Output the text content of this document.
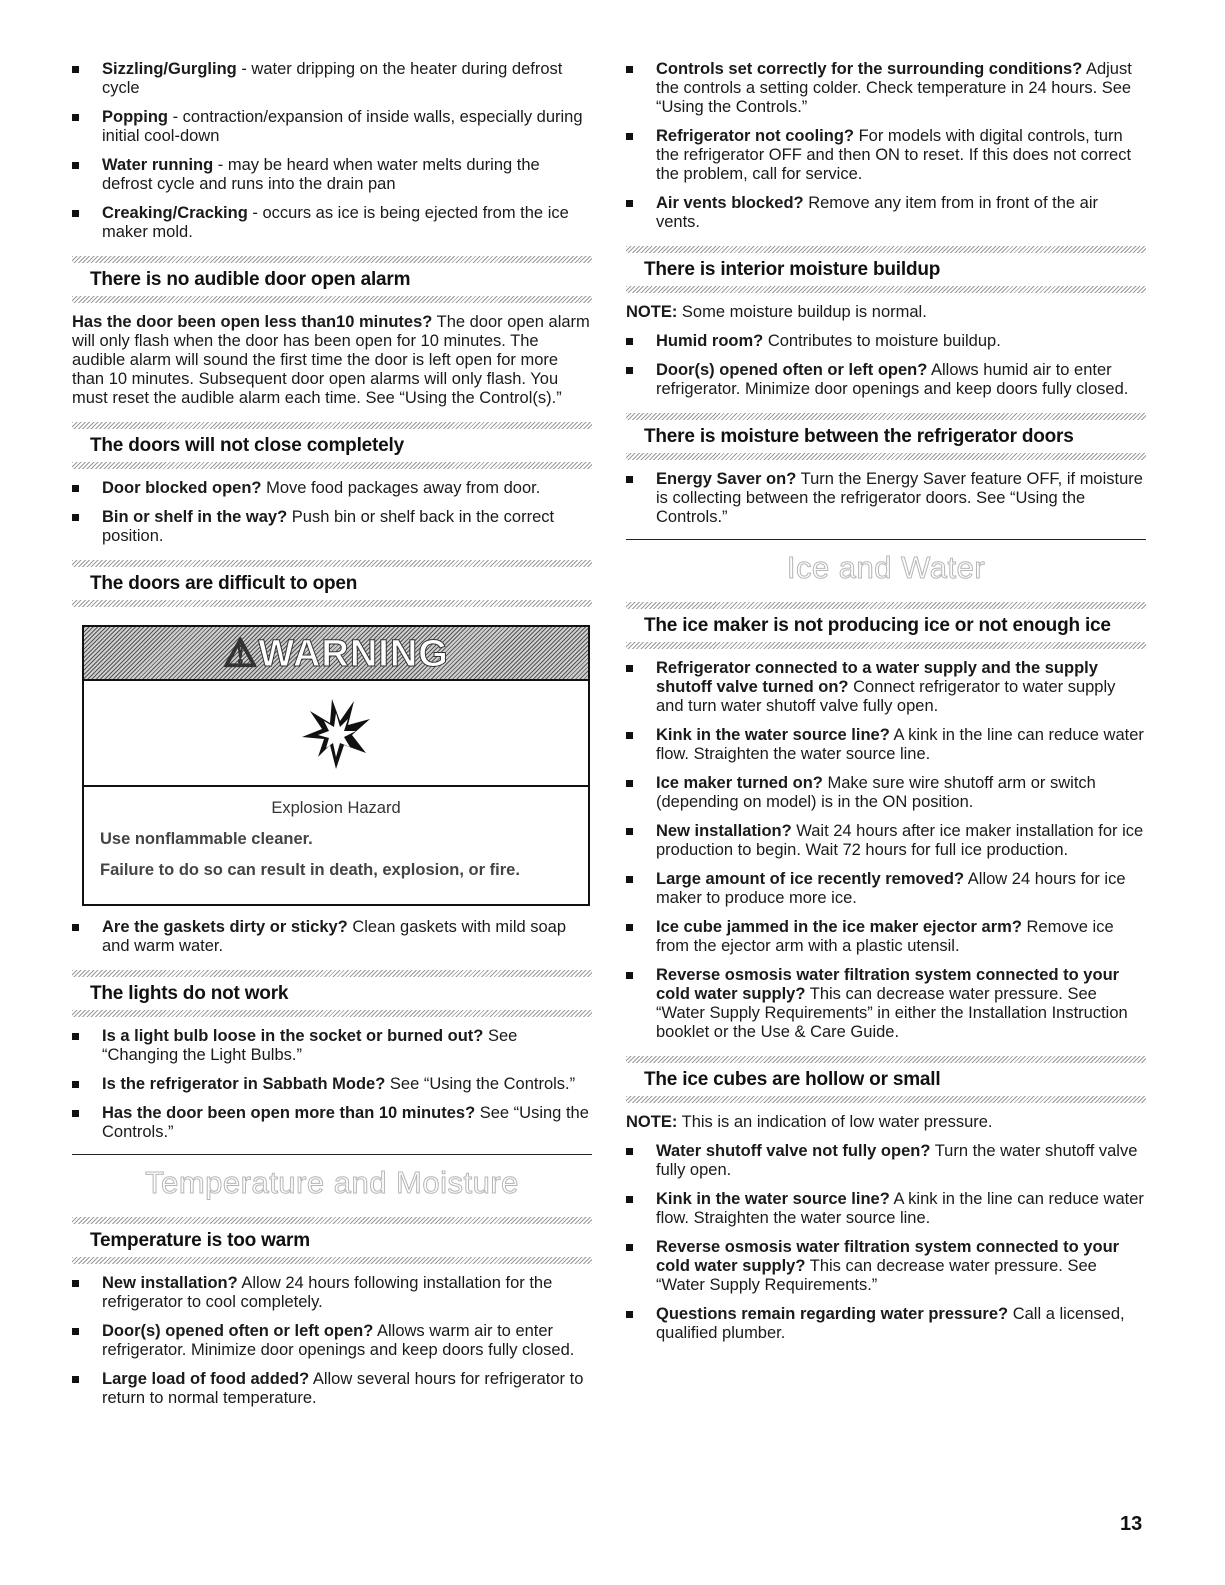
Sizzling/Gurgling - water dripping on the heater during defrost cycle
Popping - contraction/expansion of inside walls, especially during initial cool-down
Water running - may be heard when water melts during the defrost cycle and runs into the drain pan
Creaking/Cracking - occurs as ice is being ejected from the ice maker mold.
There is no audible door open alarm

Has the door been open less than10 minutes? The door open alarm will only flash when the door has been open for 10 minutes. The audible alarm will sound the first time the door is left open for more than 10 minutes. Subsequent door open alarms will only flash. You must reset the audible alarm each time. See “Using the Control(s).”

The doors will not close completely
Door blocked open? Move food packages away from door.
Bin or shelf in the way? Push bin or shelf back in the correct position.
The doors are difficult to open
⚠WARNING
Explosion Hazard
Use nonflammable cleaner.
Failure to do so can result in death, explosion, or fire.
Are the gaskets dirty or sticky? Clean gaskets with mild soap and warm water.
The lights do not work
Is a light bulb loose in the socket or burned out? See “Changing the Light Bulbs.”
Is the refrigerator in Sabbath Mode? See “Using the Controls.”
Has the door been open more than 10 minutes? See “Using the Controls.”
Temperature and Moisture
Temperature is too warm
New installation? Allow 24 hours following installation for the refrigerator to cool completely.
Door(s) opened often or left open? Allows warm air to enter refrigerator. Minimize door openings and keep doors fully closed.
Large load of food added? Allow several hours for refrigerator to return to normal temperature.
Controls set correctly for the surrounding conditions? Adjust the controls a setting colder. Check temperature in 24 hours. See “Using the Controls.”
Refrigerator not cooling? For models with digital controls, turn the refrigerator OFF and then ON to reset. If this does not correct the problem, call for service.
Air vents blocked? Remove any item from in front of the air vents.
There is interior moisture buildup

NOTE: Some moisture buildup is normal.

Humid room? Contributes to moisture buildup.
Door(s) opened often or left open? Allows humid air to enter refrigerator. Minimize door openings and keep doors fully closed.
There is moisture between the refrigerator doors
Energy Saver on? Turn the Energy Saver feature OFF, if moisture is collecting between the refrigerator doors. See “Using the Controls.”
Ice and Water
The ice maker is not producing ice or not enough ice
Refrigerator connected to a water supply and the supply shutoff valve turned on? Connect refrigerator to water supply and turn water shutoff valve fully open.
Kink in the water source line? A kink in the line can reduce water flow. Straighten the water source line.
Ice maker turned on? Make sure wire shutoff arm or switch (depending on model) is in the ON position.
New installation? Wait 24 hours after ice maker installation for ice production to begin. Wait 72 hours for full ice production.
Large amount of ice recently removed? Allow 24 hours for ice maker to produce more ice.
Ice cube jammed in the ice maker ejector arm? Remove ice from the ejector arm with a plastic utensil.
Reverse osmosis water filtration system connected to your cold water supply? This can decrease water pressure. See “Water Supply Requirements” in either the Installation Instruction booklet or the Use & Care Guide.
The ice cubes are hollow or small

NOTE: This is an indication of low water pressure.

Water shutoff valve not fully open? Turn the water shutoff valve fully open.
Kink in the water source line? A kink in the line can reduce water flow. Straighten the water source line.
Reverse osmosis water filtration system connected to your cold water supply? This can decrease water pressure. See “Water Supply Requirements.”
Questions remain regarding water pressure? Call a licensed, qualified plumber.
13
